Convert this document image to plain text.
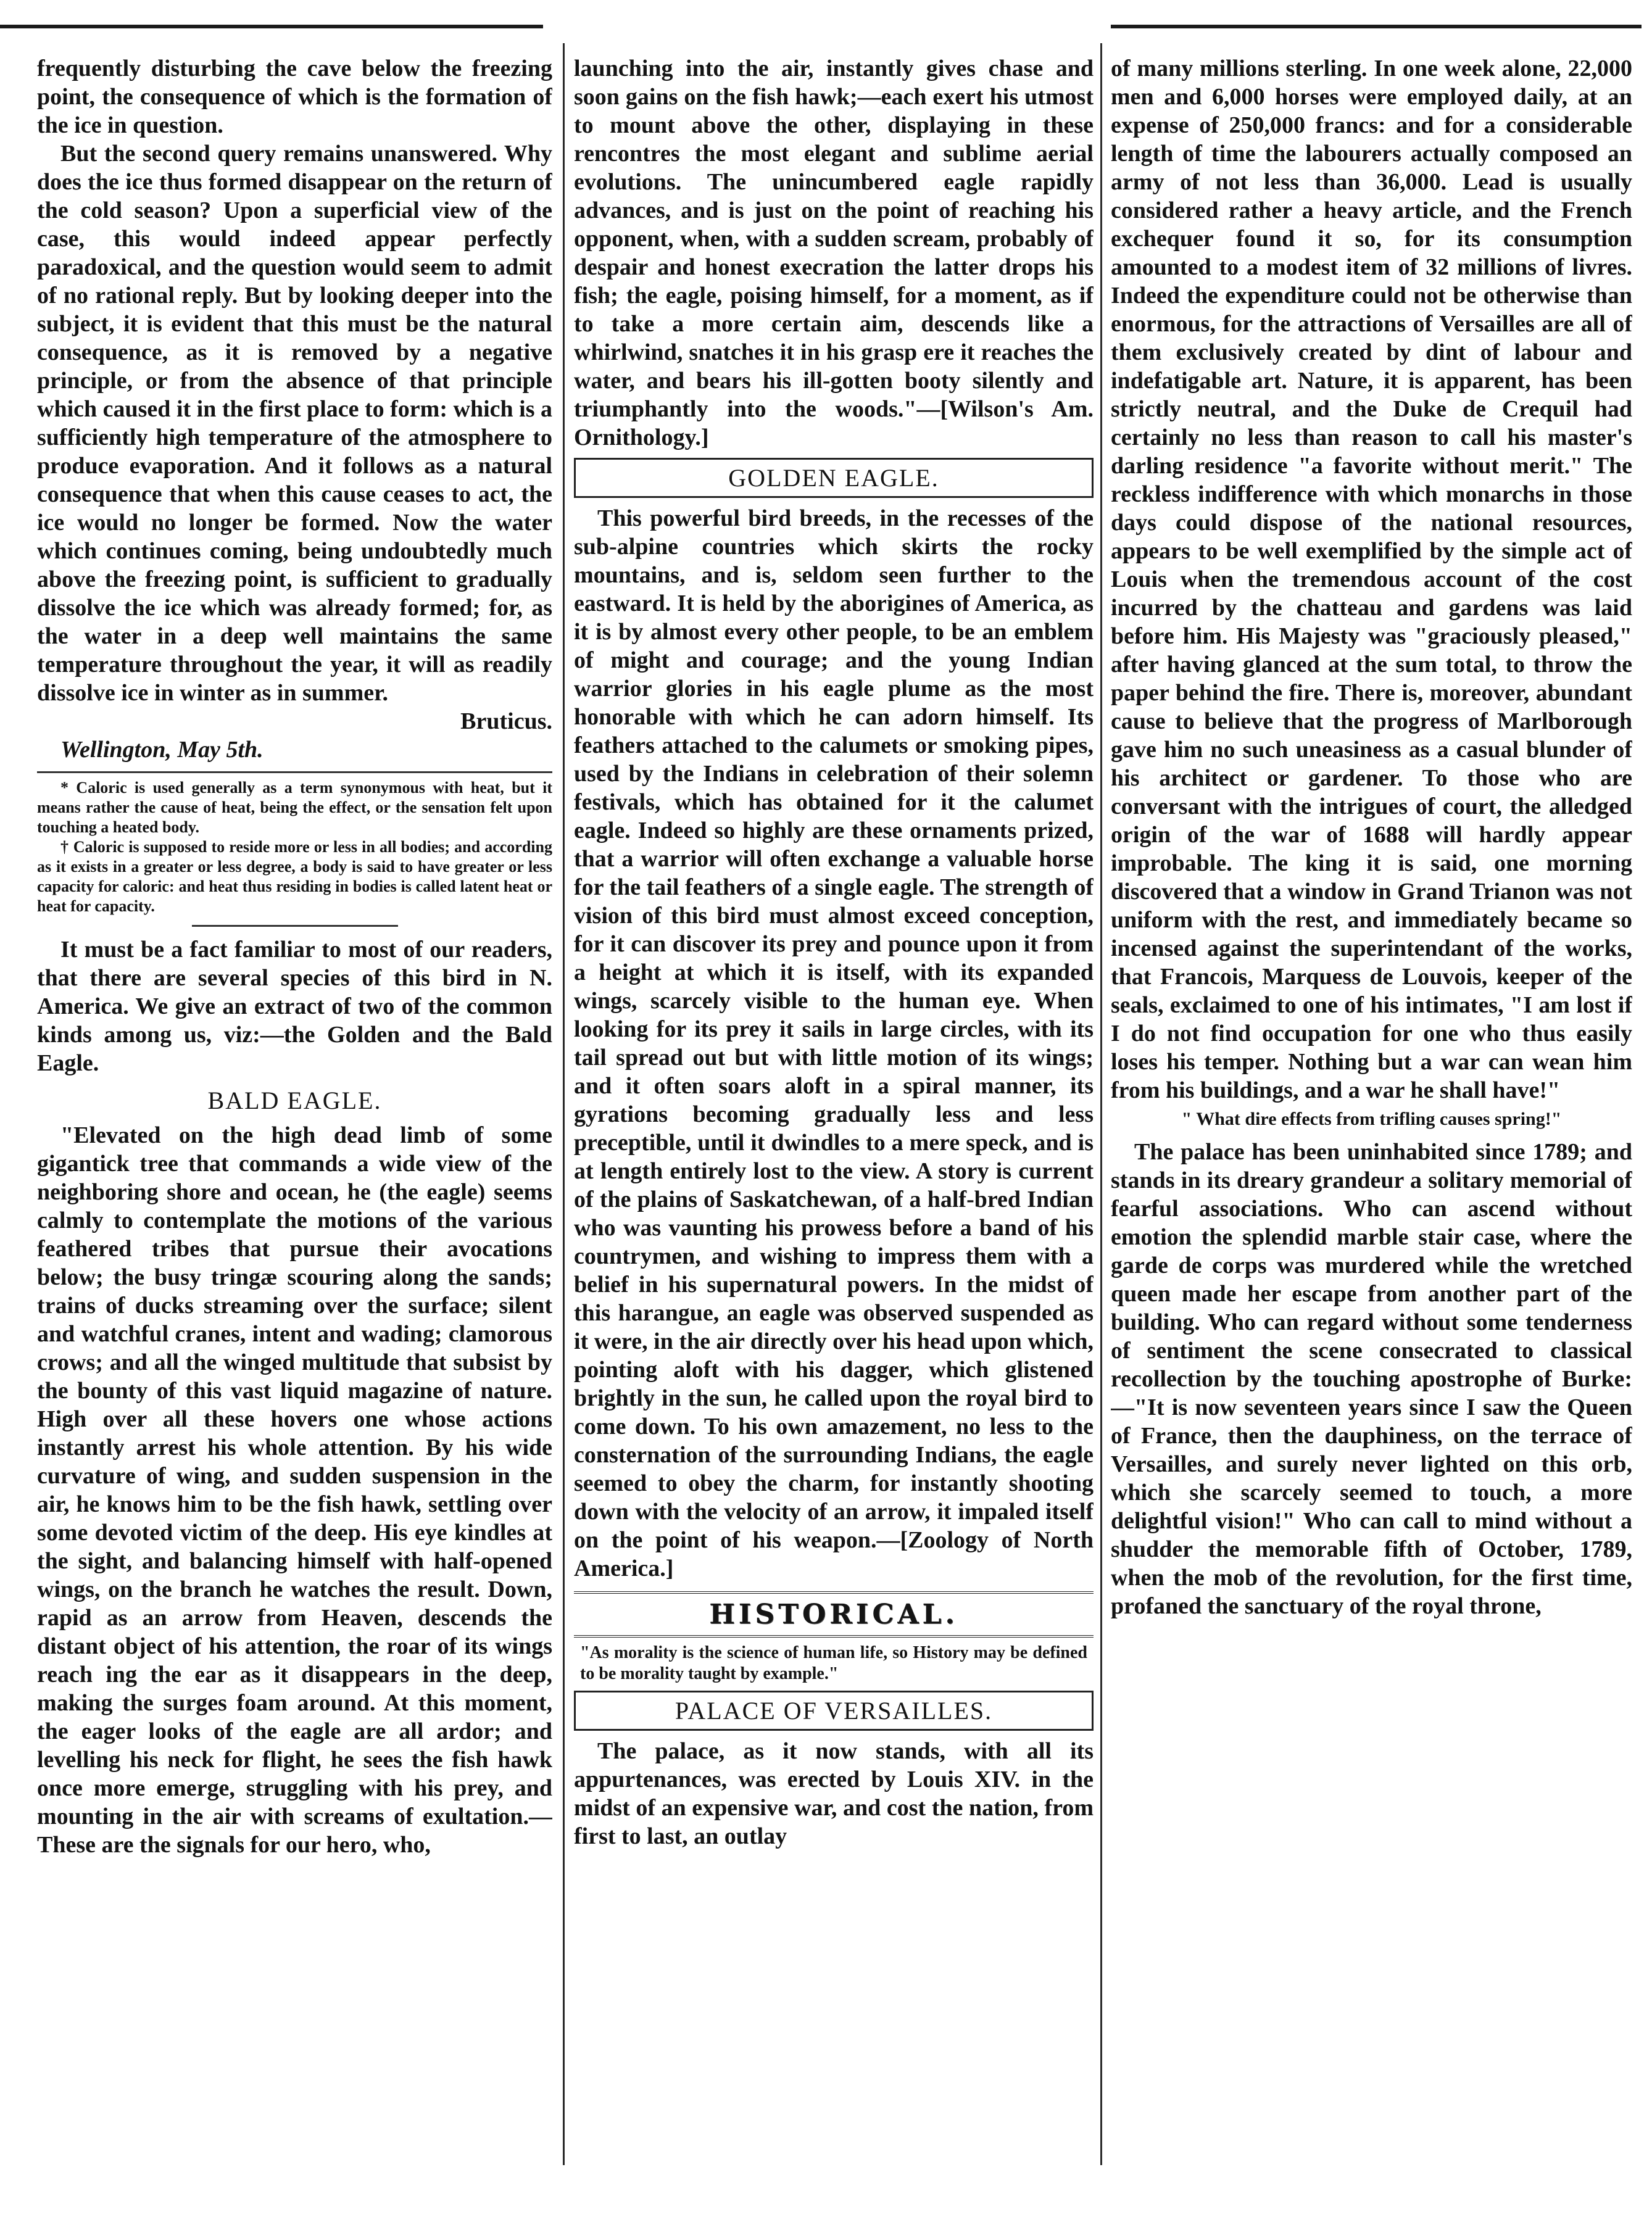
frequently disturbing the cave below the freezing point, the consequence of which is the formation of the ice in question.

But the second query remains unanswered. Why does the ice thus formed disappear on the return of the cold season? Upon a superficial view of the case, this would indeed appear perfectly paradoxical, and the question would seem to admit of no rational reply. But by looking deeper into the subject, it is evident that this must be the natural consequence, as it is removed by a negative principle, or from the absence of that principle which caused it in the first place to form: which is a sufficiently high temperature of the atmosphere to produce evaporation. And it follows as a natural consequence that when this cause ceases to act, the ice would no longer be formed. Now the water which continues coming, being undoubtedly much above the freezing point, is sufficient to gradually dissolve the ice which was already formed; for, as the water in a deep well maintains the same temperature throughout the year, it will as readily dissolve ice in winter as in summer.

Bruticus.
Wellington, May 5th.

* Caloric is used generally as a term synonymous with heat, but it means rather the cause of heat, being the effect, or the sensation felt upon touching a heated body.

† Caloric is supposed to reside more or less in all bodies; and according as it exists in a greater or less degree, a body is said to have greater or less capacity for caloric: and heat thus residing in bodies is called latent heat or heat for capacity.

It must be a fact familiar to most of our readers, that there are several species of this bird in N. America. We give an extract of two of the common kinds among us, viz:—the Golden and the Bald Eagle.

BALD EAGLE.

"Elevated on the high dead limb of some gigantick tree that commands a wide view of the neighboring shore and ocean, he (the eagle) seems calmly to contemplate the motions of the various feathered tribes that pursue their avocations below; the busy tringæ scouring along the sands; trains of ducks streaming over the surface; silent and watchful cranes, intent and wading; clamorous crows; and all the winged multitude that subsist by the bounty of this vast liquid magazine of nature. High over all these hovers one whose actions instantly arrest his whole attention. By his wide curvature of wing, and sudden suspension in the air, he knows him to be the fish hawk, settling over some devoted victim of the deep. His eye kindles at the sight, and balancing himself with half-opened wings, on the branch he watches the result. Down, rapid as an arrow from Heaven, descends the distant object of his attention, the roar of its wings reach ing the ear as it disappears in the deep, making the surges foam around. At this moment, the eager looks of the eagle are all ardor; and levelling his neck for flight, he sees the fish hawk once more emerge, struggling with his prey, and mounting in the air with screams of exultation.—These are the signals for our hero, who,

launching into the air, instantly gives chase and soon gains on the fish hawk;—each exert his utmost to mount above the other, displaying in these rencontres the most elegant and sublime aerial evolutions. The unincumbered eagle rapidly advances, and is just on the point of reaching his opponent, when, with a sudden scream, probably of despair and honest execration the latter drops his fish; the eagle, poising himself, for a moment, as if to take a more certain aim, descends like a whirlwind, snatches it in his grasp ere it reaches the water, and bears his ill-gotten booty silently and triumphantly into the woods."—[Wilson's Am. Ornithology.]

GOLDEN EAGLE.

This powerful bird breeds, in the recesses of the sub-alpine countries which skirts the rocky mountains, and is, seldom seen further to the eastward. It is held by the aborigines of America, as it is by almost every other people, to be an emblem of might and courage; and the young Indian warrior glories in his eagle plume as the most honorable with which he can adorn himself. Its feathers attached to the calumets or smoking pipes, used by the Indians in celebration of their solemn festivals, which has obtained for it the calumet eagle. Indeed so highly are these ornaments prized, that a warrior will often exchange a valuable horse for the tail feathers of a single eagle. The strength of vision of this bird must almost exceed conception, for it can discover its prey and pounce upon it from a height at which it is itself, with its expanded wings, scarcely visible to the human eye. When looking for its prey it sails in large circles, with its tail spread out but with little motion of its wings; and it often soars aloft in a spiral manner, its gyrations becoming gradually less and less preceptible, until it dwindles to a mere speck, and is at length entirely lost to the view. A story is current of the plains of Saskatchewan, of a half-bred Indian who was vaunting his prowess before a band of his countrymen, and wishing to impress them with a belief in his supernatural powers. In the midst of this harangue, an eagle was observed suspended as it were, in the air directly over his head upon which, pointing aloft with his dagger, which glistened brightly in the sun, he called upon the royal bird to come down. To his own amazement, no less to the consternation of the surrounding Indians, the eagle seemed to obey the charm, for instantly shooting down with the velocity of an arrow, it impaled itself on the point of his weapon.—[Zoology of North America.]

HISTORICAL.
"As morality is the science of human life, so History may be defined to be morality taught by example."
PALACE OF VERSAILLES.

The palace, as it now stands, with all its appurtenances, was erected by Louis XIV. in the midst of an expensive war, and cost the nation, from first to last, an outlay

of many millions sterling. In one week alone, 22,000 men and 6,000 horses were employed daily, at an expense of 250,000 francs: and for a considerable length of time the labourers actually composed an army of not less than 36,000. Lead is usually considered rather a heavy article, and the French exchequer found it so, for its consumption amounted to a modest item of 32 millions of livres. Indeed the expenditure could not be otherwise than enormous, for the attractions of Versailles are all of them exclusively created by dint of labour and indefatigable art. Nature, it is apparent, has been strictly neutral, and the Duke de Crequil had certainly no less than reason to call his master's darling residence "a favorite without merit." The reckless indifference with which monarchs in those days could dispose of the national resources, appears to be well exemplified by the simple act of Louis when the tremendous account of the cost incurred by the chatteau and gardens was laid before him. His Majesty was "graciously pleased," after having glanced at the sum total, to throw the paper behind the fire. There is, moreover, abundant cause to believe that the progress of Marlborough gave him no such uneasiness as a casual blunder of his architect or gardener. To those who are conversant with the intrigues of court, the alledged origin of the war of 1688 will hardly appear improbable. The king it is said, one morning discovered that a window in Grand Trianon was not uniform with the rest, and immediately became so incensed against the superintendant of the works, that Francois, Marquess de Louvois, keeper of the seals, exclaimed to one of his intimates, "I am lost if I do not find occupation for one who thus easily loses his temper. Nothing but a war can wean him from his buildings, and a war he shall have!"

" What dire effects from trifling causes spring!"

The palace has been uninhabited since 1789; and stands in its dreary grandeur a solitary memorial of fearful associations. Who can ascend without emotion the splendid marble stair case, where the garde de corps was murdered while the wretched queen made her escape from another part of the building. Who can regard without some tenderness of sentiment the scene consecrated to classical recollection by the touching apostrophe of Burke: —"It is now seventeen years since I saw the Queen of France, then the dauphiness, on the terrace of Versailles, and surely never lighted on this orb, which she scarcely seemed to touch, a more delightful vision!" Who can call to mind without a shudder the memorable fifth of October, 1789, when the mob of the revolution, for the first time, profaned the sanctuary of the royal throne,
